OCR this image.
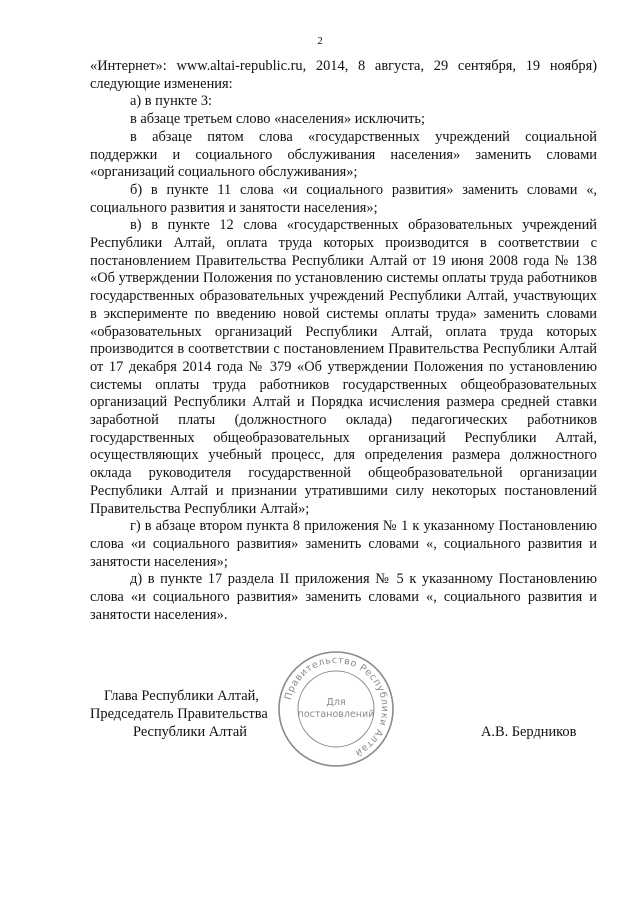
2

«Интернет»: www.altai-republic.ru, 2014, 8 августа, 29 сентября, 19 ноября) следующие изменения:

а) в пункте 3:

в абзаце третьем слово «населения» исключить;

в абзаце пятом слова «государственных учреждений социальной поддержки и социального обслуживания населения» заменить словами «организаций социального обслуживания»;

б) в пункте 11 слова «и социального развития» заменить словами «, социального развития и занятости населения»;

в) в пункте 12 слова «государственных образовательных учреждений Республики Алтай, оплата труда которых производится в соответствии с постановлением Правительства Республики Алтай от 19 июня 2008 года № 138 «Об утверждении Положения по установлению системы оплаты труда работников государственных образовательных учреждений Республики Алтай, участвующих в эксперименте по введению новой системы оплаты труда» заменить словами «образовательных организаций Республики Алтай, оплата труда которых производится в соответствии с постановлением Правительства Республики Алтай от 17 декабря 2014 года № 379 «Об утверждении Положения по установлению системы оплаты труда работников государственных общеобразовательных организаций Республики Алтай и Порядка исчисления размера средней ставки заработной платы (должностного оклада) педагогических работников государственных общеобразовательных организаций Республики Алтай, осуществляющих учебный процесс, для определения размера должностного оклада руководителя государственной общеобразовательной организации Республики Алтай и признании утратившими силу некоторых постановлений Правительства Республики Алтай»;

г) в абзаце втором пункта 8 приложения № 1 к указанному Постановлению слова «и социального развития» заменить словами «, социального развития и занятости населения»;

д) в пункте 17 раздела II приложения № 5 к указанному Постановлению слова «и социального развития» заменить словами «, социального развития и занятости населения».

Глава Республики Алтай,
Председатель Правительства
Республики Алтай	А.В. Бердников
Правительство Республики Алтай
Для
постановлений
